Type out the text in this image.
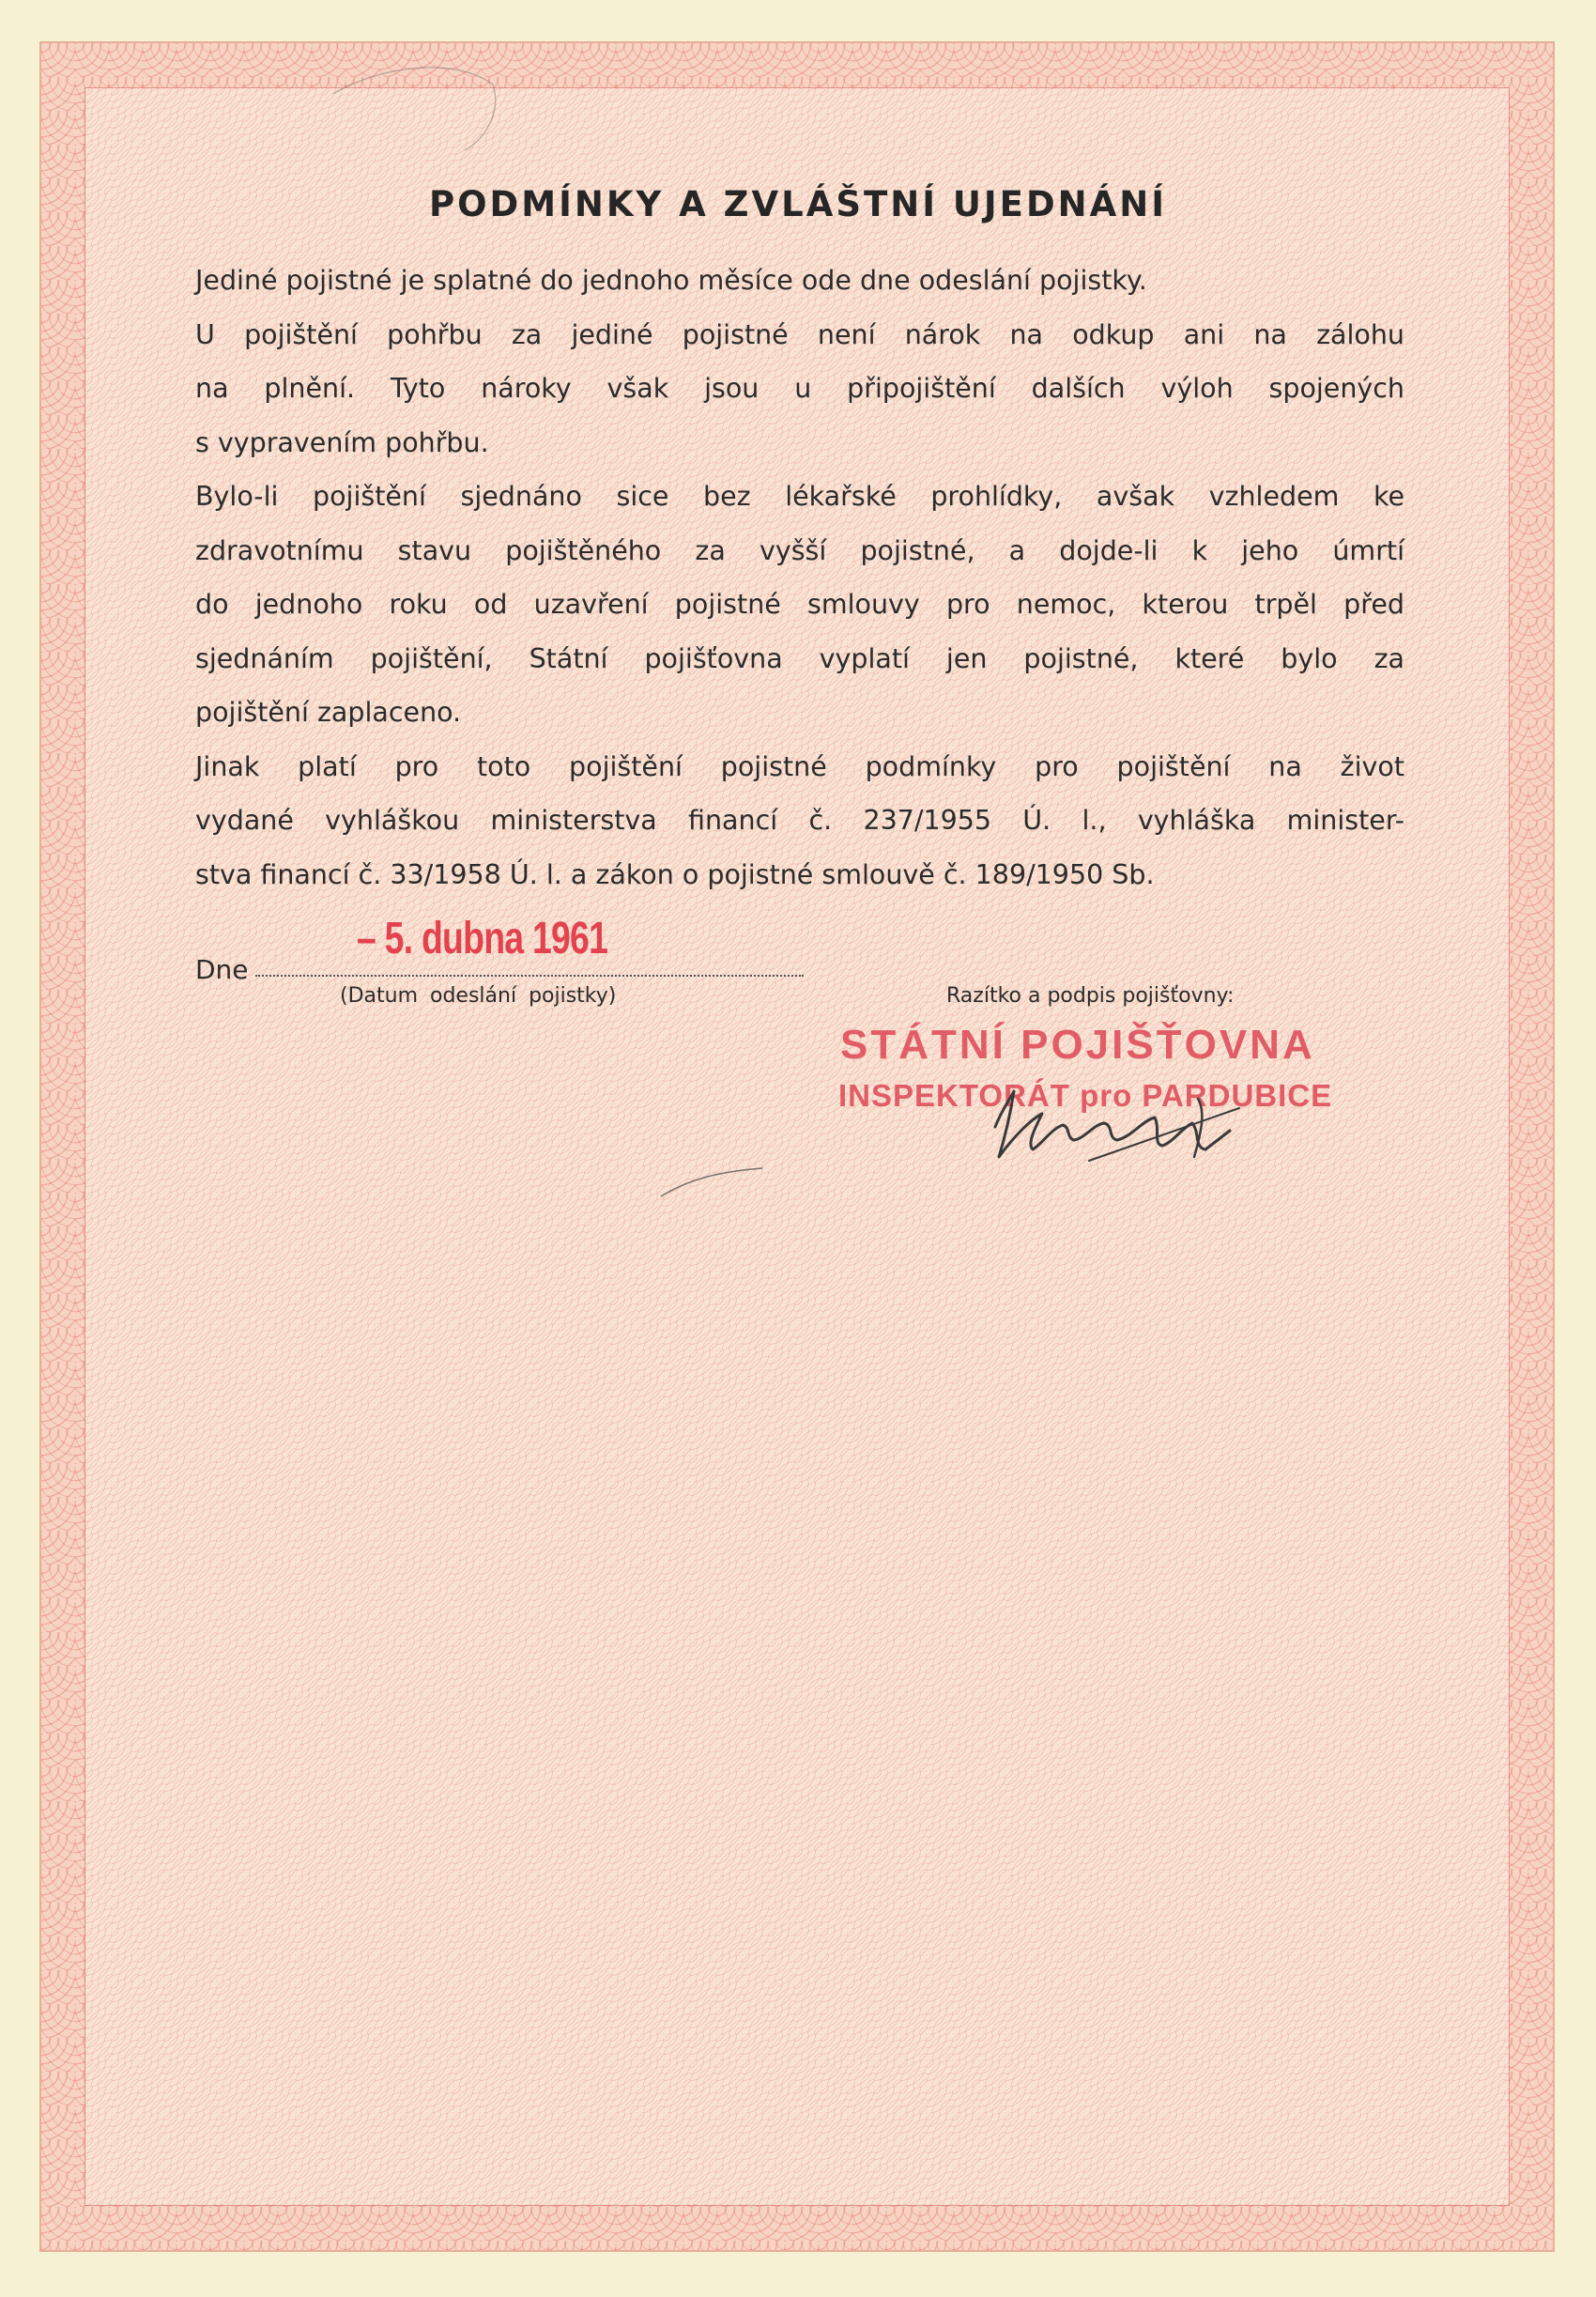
PODMÍNKY A ZVLÁŠTNÍ UJEDNÁNÍ

Jediné pojistné je splatné do jednoho měsíce ode dne odeslání pojistky.

U pojištění pohřbu za jediné pojistné není nárok na odkup ani na zálohu
na plnění. Tyto nároky však jsou u připojištění dalších výloh spojených
s vypravením pohřbu.

Bylo-li pojištění sjednáno sice bez lékařské prohlídky, avšak vzhledem ke
zdravotnímu stavu pojištěného za vyšší pojistné, a dojde-li k jeho úmrtí
do jednoho roku od uzavření pojistné smlouvy pro nemoc, kterou trpěl před
sjednáním pojištění, Státní pojišťovna vyplatí jen pojistné, které bylo za
pojištění zaplaceno.

Jinak platí pro toto pojištění pojistné podmínky pro pojištění na život
vydané vyhláškou ministerstva financí č. 237/1955 Ú. l., vyhláška minister-
stva financí č. 33/1958 Ú. l. a zákon o pojistné smlouvě č. 189/1950 Sb.

Dne
– 5. dubna 1961
(Datum odeslání pojistky)	Razítko a podpis pojišťovny:
STÁTNÍ POJIŠŤOVNA
INSPEKTORÁT pro PARDUBICE
